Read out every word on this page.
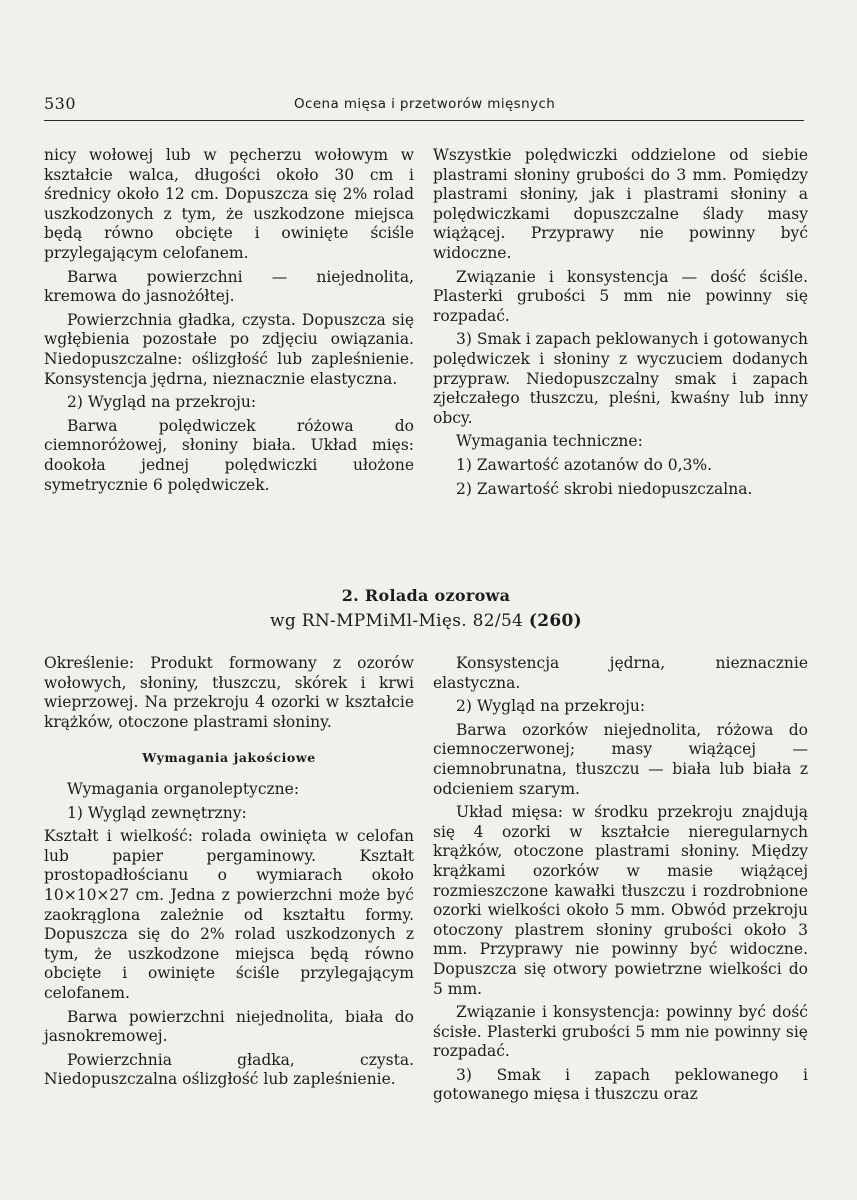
530	Ocena mięsa i przetworów mięsnych

nicy wołowej lub w pęcherzu wołowym w kształcie walca, długości około 30 cm i średnicy około 12 cm. Dopuszcza się 2% rolad uszkodzonych z tym, że uszkodzone miejsca będą równo obcięte i owinięte ściśle przylegającym celofanem.

Barwa powierzchni — niejednolita, kremowa do jasnożółtej.

Powierzchnia gładka, czysta. Dopuszcza się wgłębienia pozostałe po zdjęciu owiązania. Niedopuszczalne: oślizgłość lub zapleśnienie. Konsystencja jędrna, nieznacznie elastyczna.

2) Wygląd na przekroju:

Barwa polędwiczek różowa do ciemnoróżowej, słoniny biała. Układ mięs: dookoła jednej polędwiczki ułożone symetrycznie 6 polędwiczek.

Wszystkie polędwiczki oddzielone od siebie plastrami słoniny grubości do 3 mm. Pomiędzy plastrami słoniny, jak i plastrami słoniny a polędwiczkami dopuszczalne ślady masy wiążącej. Przyprawy nie powinny być widoczne.

Związanie i konsystencja — dość ściśle. Plasterki grubości 5 mm nie powinny się rozpadać.

3) Smak i zapach peklowanych i gotowanych polędwiczek i słoniny z wyczuciem dodanych przypraw. Niedopuszczalny smak i zapach zjełczałego tłuszczu, pleśni, kwaśny lub inny obcy.

Wymagania techniczne:

1) Zawartość azotanów do 0,3%.

2) Zawartość skrobi niedopuszczalna.

2. Rolada ozorowa
wg RN-MPMiMl-Mięs. 82/54 (260)

Określenie: Produkt formowany z ozorów wołowych, słoniny, tłuszczu, skórek i krwi wieprzowej. Na przekroju 4 ozorki w kształcie krążków, otoczone plastrami słoniny.

Wymagania jakościowe

Wymagania organoleptyczne:

1) Wygląd zewnętrzny:

Kształt i wielkość: rolada owinięta w celofan lub papier pergaminowy. Kształt prostopadłościanu o wymiarach około 10×10×27 cm. Jedna z powierzchni może być zaokrąglona zależnie od kształtu formy. Dopuszcza się do 2% rolad uszkodzonych z tym, że uszkodzone miejsca będą równo obcięte i owinięte ściśle przylegającym celofanem.

Barwa powierzchni niejednolita, biała do jasnokremowej.

Powierzchnia gładka, czysta. Niedopuszczalna oślizgłość lub zapleśnienie.

Konsystencja jędrna, nieznacznie elastyczna.

2) Wygląd na przekroju:

Barwa ozorków niejednolita, różowa do ciemnoczerwonej; masy wiążącej — ciemnobrunatna, tłuszczu — biała lub biała z odcieniem szarym.

Układ mięsa: w środku przekroju znajdują się 4 ozorki w kształcie nieregularnych krążków, otoczone plastrami słoniny. Między krążkami ozorków w masie wiążącej rozmieszczone kawałki tłuszczu i rozdrobnione ozorki wielkości około 5 mm. Obwód przekroju otoczony plastrem słoniny grubości około 3 mm. Przyprawy nie powinny być widoczne. Dopuszcza się otwory powietrzne wielkości do 5 mm.

Związanie i konsystencja: powinny być dość ścisłe. Plasterki grubości 5 mm nie powinny się rozpadać.

3) Smak i zapach peklowanego i gotowanego mięsa i tłuszczu oraz
